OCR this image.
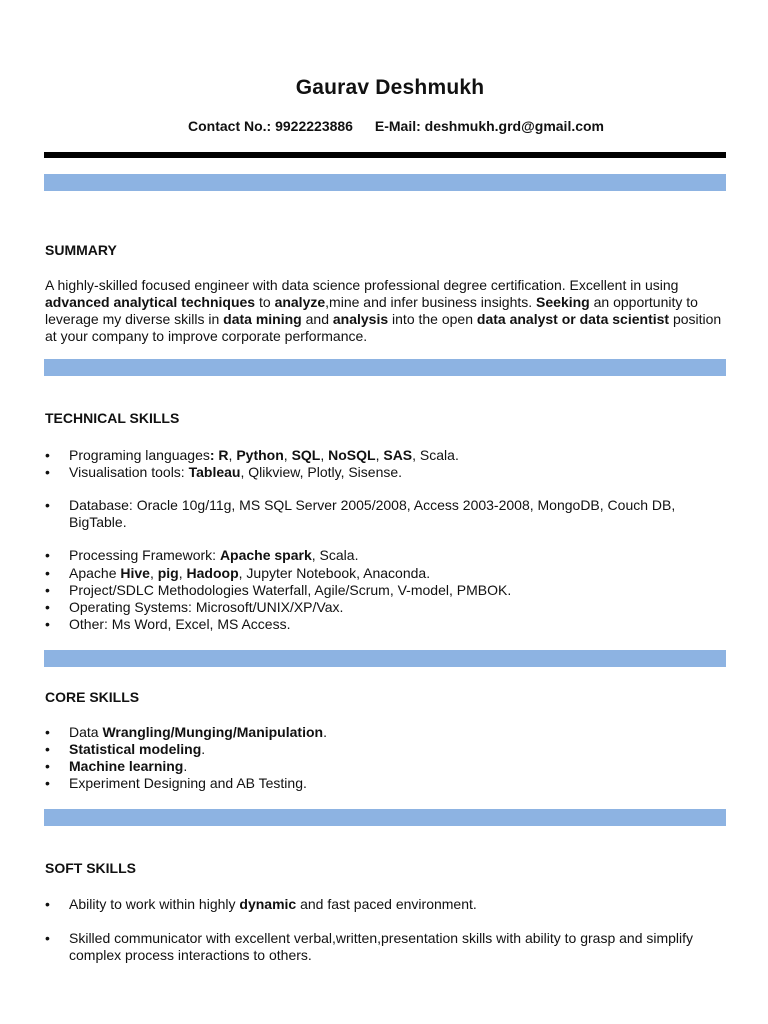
Gaurav Deshmukh
Contact No.: 9922223886 E-Mail: deshmukh.grd@gmail.com
SUMMARY
A highly-skilled focused engineer with data science professional degree certification. Excellent in using advanced analytical techniques to analyze,mine and infer business insights. Seeking an opportunity to leverage my diverse skills in data mining and analysis into the open data analyst or data scientist position at your company to improve corporate performance.
TECHNICAL SKILLS
• Programing languages: R, Python, SQL, NoSQL, SAS, Scala.
• Visualisation tools: Tableau, Qlikview, Plotly, Sisense.
• Database: Oracle 10g/11g, MS SQL Server 2005/2008, Access 2003-2008, MongoDB, Couch DB, BigTable.
• Processing Framework: Apache spark, Scala.
• Apache Hive, pig, Hadoop, Jupyter Notebook, Anaconda.
• Project/SDLC Methodologies Waterfall, Agile/Scrum, V-model, PMBOK.
• Operating Systems: Microsoft/UNIX/XP/Vax.
• Other: Ms Word, Excel, MS Access.
CORE SKILLS
• Data Wrangling/Munging/Manipulation.
• Statistical modeling.
• Machine learning.
• Experiment Designing and AB Testing.
SOFT SKILLS
• Ability to work within highly dynamic and fast paced environment.
• Skilled communicator with excellent verbal,written,presentation skills with ability to grasp and simplify complex process interactions to others.
